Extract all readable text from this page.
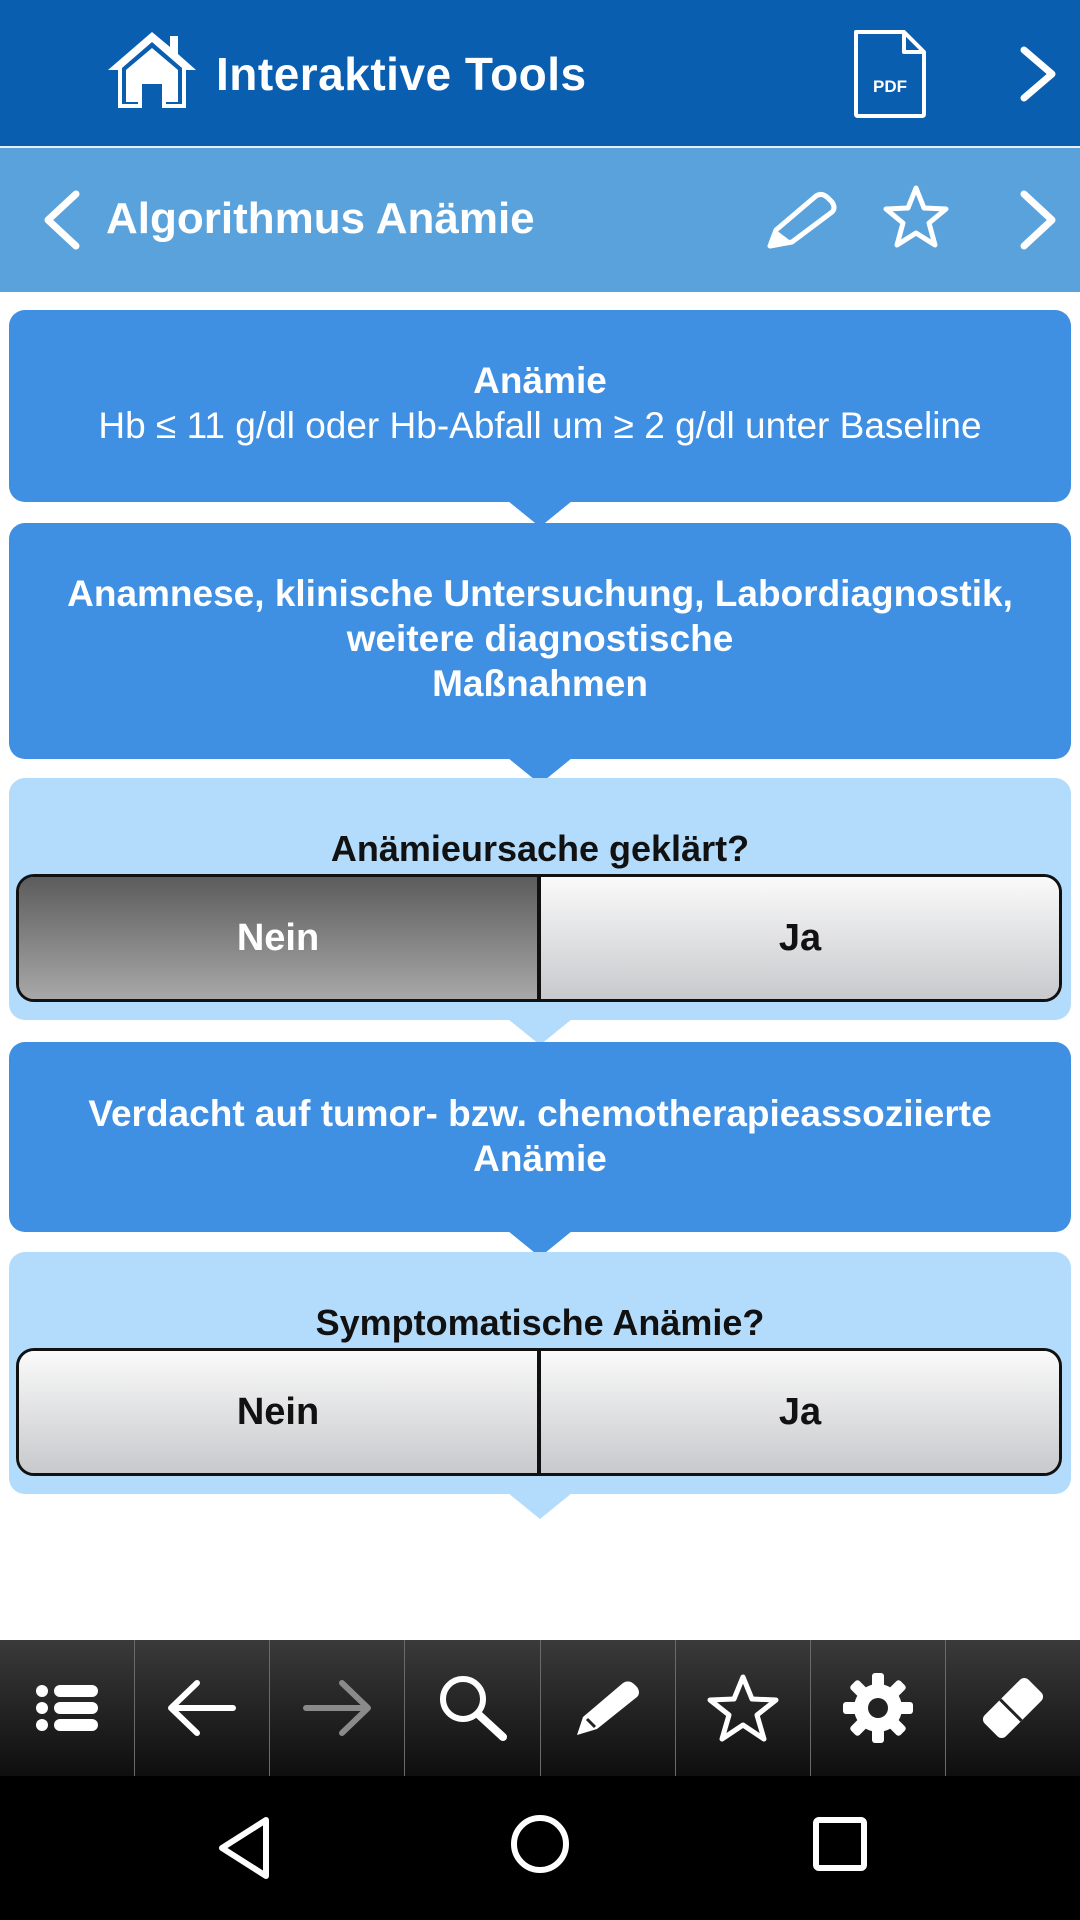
Interaktive Tools	PDF
Algorithmus Anämie
Anämie
Hb ≤ 11 g/dl oder Hb-Abfall um ≥ 2 g/dl unter Baseline
Anamnese, klinische Untersuchung, Labordiagnostik,
weitere diagnostische
Maßnahmen
Anämieursache geklärt?
Nein	Ja
Verdacht auf tumor- bzw. chemotherapieassoziierte
Anämie
Symptomatische Anämie?
Nein	Ja
